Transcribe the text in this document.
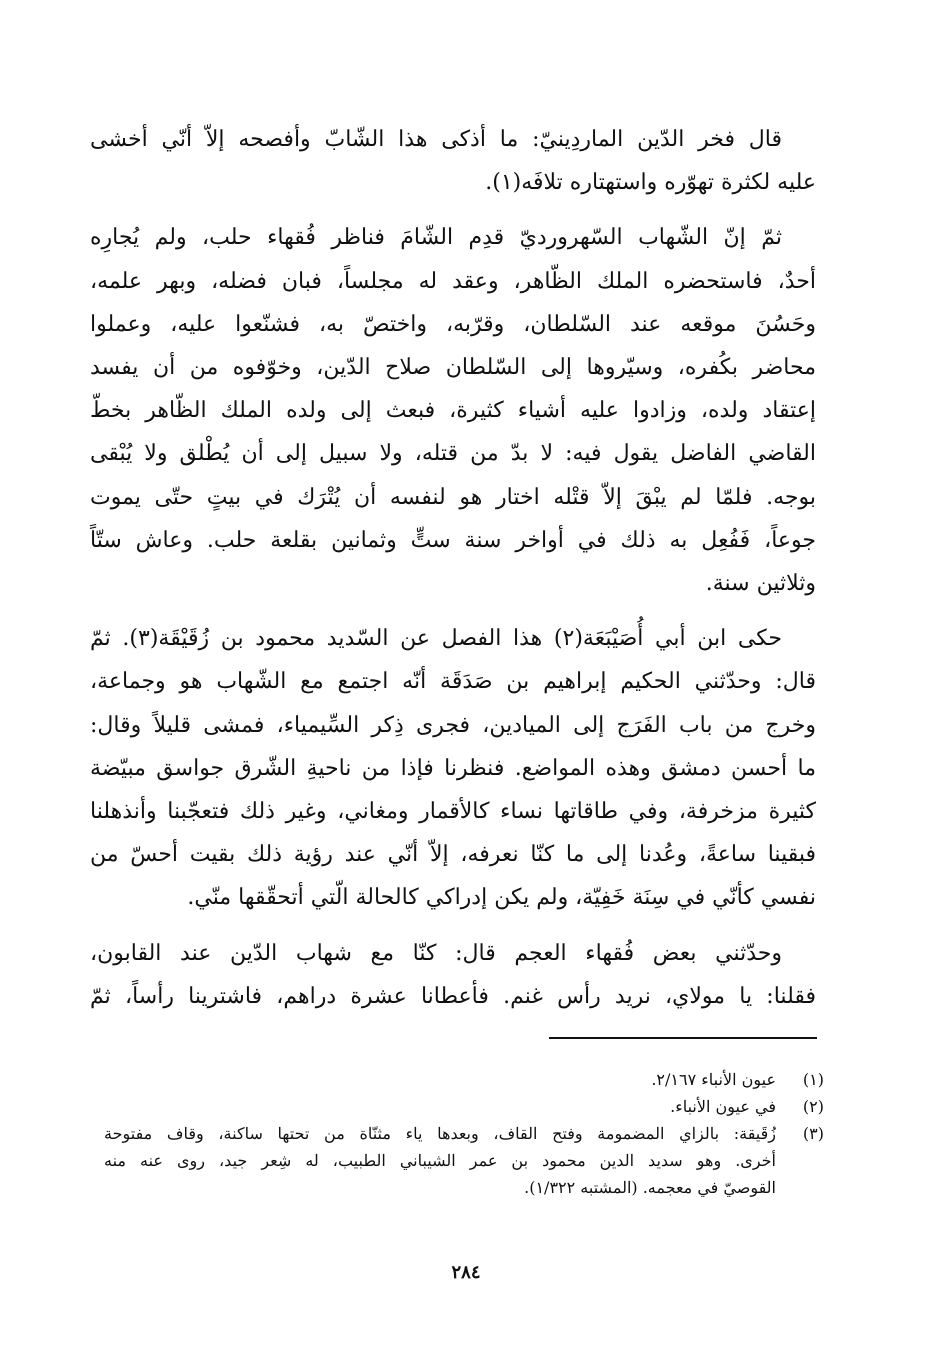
قال فخر الدّين الماردِينيّ: ما أذكى هذا الشّابّ وأفصحه إلاّ أنّي أخشى
عليه لكثرة تهوّره واستهتاره تلافَه(١).
ثمّ إنّ الشّهاب السّهرورديّ قدِم الشّامَ فناظر فُقهاء حلب، ولم يُجارِه
أحدٌ، فاستحضره الملك الظّاهر، وعقد له مجلساً، فبان فضله، وبهر علمه،
وحَسُنَ موقعه عند السّلطان، وقرّبه، واختصّ به، فشنّعوا عليه، وعملوا
محاضر بكُفره، وسيّروها إلى السّلطان صلاح الدّين، وخوّفوه من أن يفسد
إعتقاد ولده، وزادوا عليه أشياء كثيرة، فبعث إلى ولده الملك الظّاهر بخطّ
القاضي الفاضل يقول فيه: لا بدّ من قتله، ولا سبيل إلى أن يُطْلق ولا يُبْقى
بوجه. فلمّا لم يبْقَ إلاّ قتْله اختار هو لنفسه أن يُتْرَك في بيتٍ حتّى يموت
جوعاً، فَفُعِل به ذلك في أواخر سنة ستٍّ وثمانين بقلعة حلب. وعاش ستّاً
وثلاثين سنة.
حكى ابن أبي أُصَيْبَعَة(٢) هذا الفصل عن السّديد محمود بن زُقَيْقَة(٣). ثمّ
قال: وحدّثني الحكيم إبراهيم بن صَدَقَة أنّه اجتمع مع الشّهاب هو وجماعة،
وخرج من باب الفَرَج إلى الميادين، فجرى ذِكر السِّيمياء، فمشى قليلاً وقال:
ما أحسن دمشق وهذه المواضع. فنظرنا فإذا من ناحيةِ الشّرق جواسق مبيّضة
كثيرة مزخرفة، وفي طاقاتها نساء كالأقمار ومغاني، وغير ذلك فتعجّبنا وأنذهلنا
فبقينا ساعةً، وعُدنا إلى ما كنّا نعرفه، إلاّ أنّي عند رؤية ذلك بقيت أحسّ من
نفسي كأنّي في سِنَة خَفِيّة، ولم يكن إدراكي كالحالة الّتي أتحقّقها منّي.
وحدّثني بعض فُقهاء العجم قال: كنّا مع شهاب الدّين عند القابون،
فقلنا: يا مولاي، نريد رأس غنم. فأعطانا عشرة دراهم، فاشترينا رأساً، ثمّ
(١)
عيون الأنباء ٢/١٦٧.
(٢)
في عيون الأنباء.
(٣)
زُقَيقة: بالزاي المضمومة وفتح القاف، وبعدها ياء مثنّاة من تحتها ساكنة، وقاف مفتوحة
أخرى. وهو سديد الدين محمود بن عمر الشيباني الطبيب، له شِعر جيد، روى عنه منه
القوصيّ في معجمه. (المشتبه ١/٣٢٢).
٢٨٤
